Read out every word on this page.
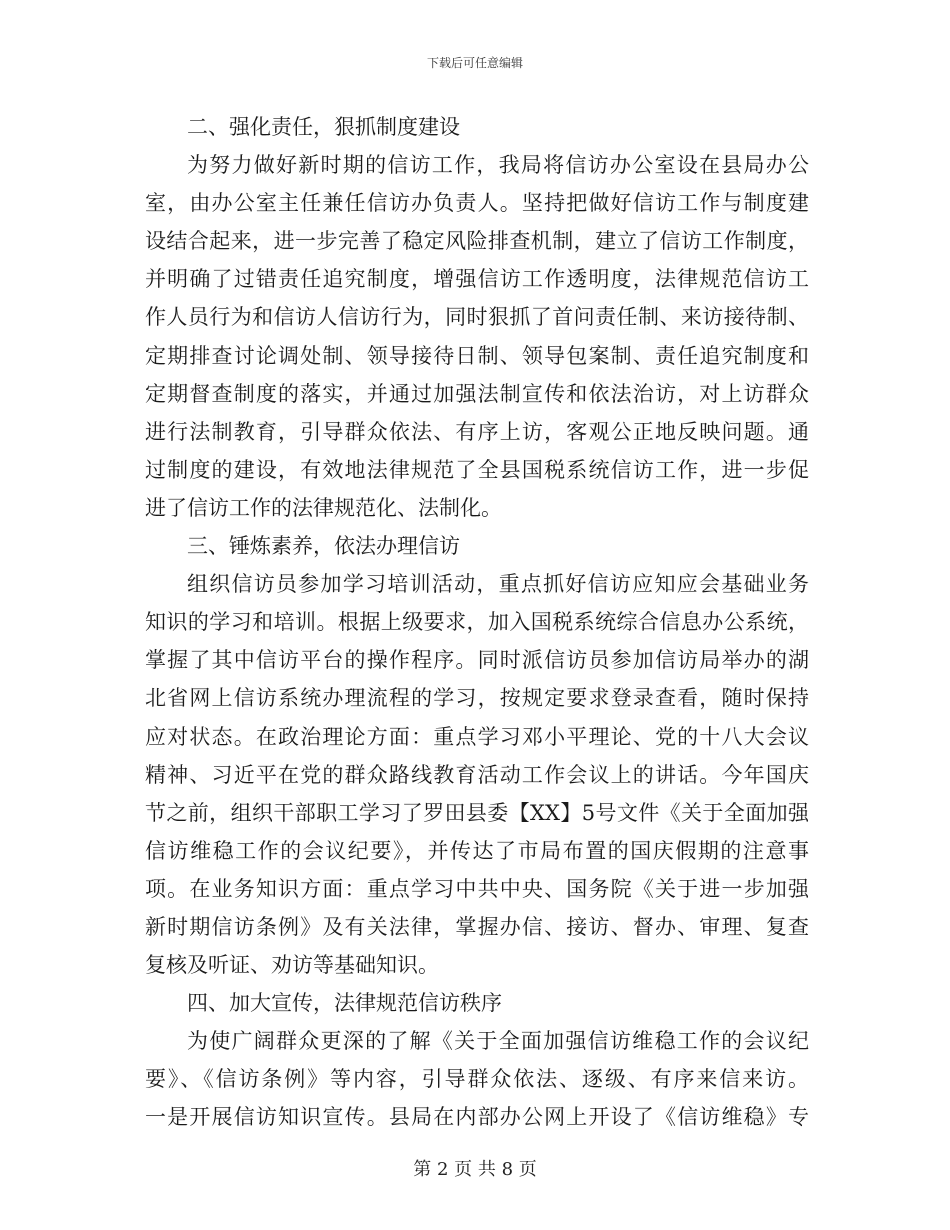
下载后可任意编辑
二、强化责任，狠抓制度建设
为努力做好新时期的信访工作，我局将信访办公室设在县局办公
室，由办公室主任兼任信访办负责人。坚持把做好信访工作与制度建
设结合起来，进一步完善了稳定风险排查机制，建立了信访工作制度，
并明确了过错责任追究制度，增强信访工作透明度，法律规范信访工
作人员行为和信访人信访行为，同时狠抓了首问责任制、来访接待制、
定期排查讨论调处制、领导接待日制、领导包案制、责任追究制度和
定期督查制度的落实，并通过加强法制宣传和依法治访，对上访群众
进行法制教育，引导群众依法、有序上访，客观公正地反映问题。通
过制度的建设，有效地法律规范了全县国税系统信访工作，进一步促
进了信访工作的法律规范化、法制化。
三、锤炼素养，依法办理信访
组织信访员参加学习培训活动，重点抓好信访应知应会基础业务
知识的学习和培训。根据上级要求，加入国税系统综合信息办公系统，
掌握了其中信访平台的操作程序。同时派信访员参加信访局举办的湖
北省网上信访系统办理流程的学习，按规定要求登录查看，随时保持
应对状态。在政治理论方面：重点学习邓小平理论、党的十八大会议
精神、习近平在党的群众路线教育活动工作会议上的讲话。今年国庆
节之前，组织干部职工学习了罗田县委【XX】5号文件《关于全面加强
信访维稳工作的会议纪要》，并传达了市局布置的国庆假期的注意事
项。在业务知识方面：重点学习中共中央、国务院《关于进一步加强
新时期信访条例》及有关法律，掌握办信、接访、督办、审理、复查
复核及听证、劝访等基础知识。
四、加大宣传，法律规范信访秩序
为使广阔群众更深的了解《关于全面加强信访维稳工作的会议纪
要》、《信访条例》等内容，引导群众依法、逐级、有序来信来访。
一是开展信访知识宣传。县局在内部办公网上开设了《信访维稳》专
第 2 页 共 8 页
